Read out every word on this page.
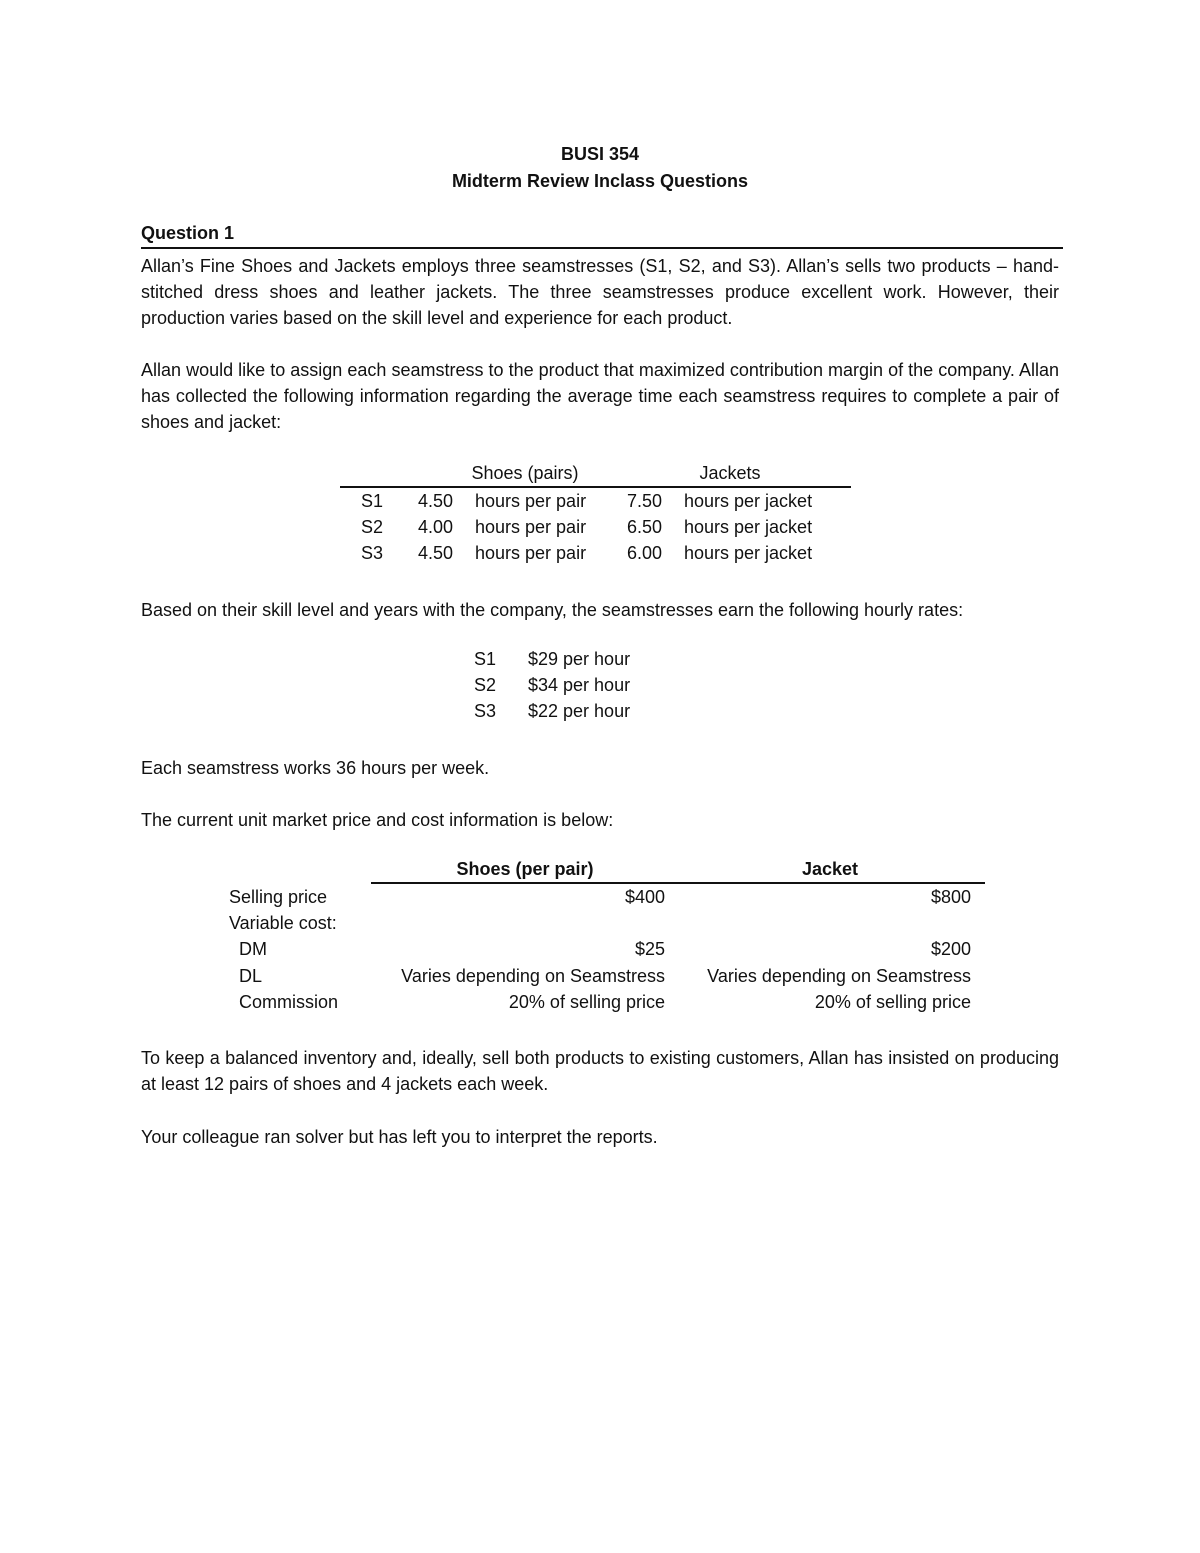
BUSI 354
Midterm Review Inclass Questions
Question 1
Allan’s Fine Shoes and Jackets employs three seamstresses (S1, S2, and S3). Allan’s sells two products – hand-stitched dress shoes and leather jackets. The three seamstresses produce excellent work. However, their production varies based on the skill level and experience for each product.
Allan would like to assign each seamstress to the product that maximized contribution margin of the company. Allan has collected the following information regarding the average time each seamstress requires to complete a pair of shoes and jacket:
Shoes (pairs)	Jackets
S1	4.50 hours per pair	7.50 hours per jacket
S2	4.00 hours per pair	6.50 hours per jacket
S3	4.50 hours per pair	6.00 hours per jacket
Based on their skill level and years with the company, the seamstresses earn the following hourly rates:
S1 $29 per hour
S2 $34 per hour
S3 $22 per hour
Each seamstress works 36 hours per week.
The current unit market price and cost information is below:
Shoes (per pair)	Jacket
Selling price	$400	$800
Variable cost:
DM	$25	$200
DL	Varies depending on Seamstress	Varies depending on Seamstress
Commission	20% of selling price	20% of selling price
To keep a balanced inventory and, ideally, sell both products to existing customers, Allan has insisted on producing at least 12 pairs of shoes and 4 jackets each week.
Your colleague ran solver but has left you to interpret the reports.
